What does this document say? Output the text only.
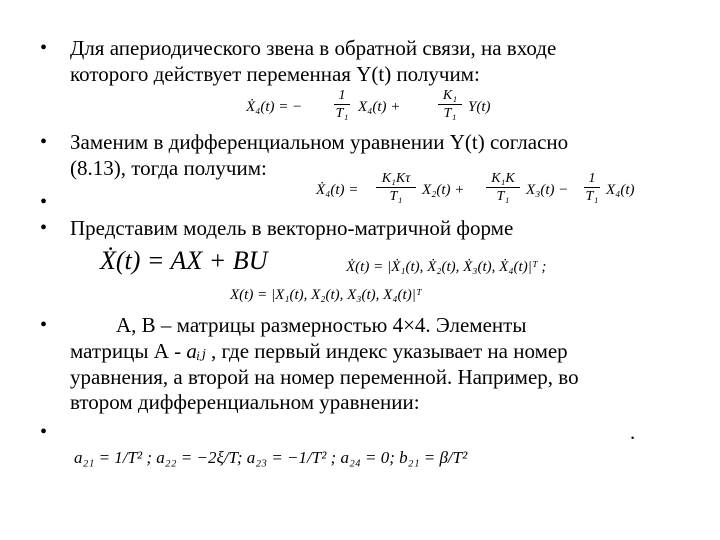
•
•
•
•
•
•
Для апериодического звена в обратной связи, на входе
которого действует переменная Y(t) получим:
Ẋ₄(t) = −
1
T₁ X₄(t) +
K₁
T₁ Y(t)
Заменим в дифференциальном уравнении Y(t) согласно
(8.13), тогда получим:
Ẋ₄(t) =
K₁Kτ
T₁ X₂(t) +
K₁K
T₁ X₃(t) −
1
T₁ X₄(t)
Представим модель в векторно-матричной форме
Ẋ(t) = AX + BU	Ẋ(t) = |Ẋ₁(t), Ẋ₂(t), Ẋ₃(t), Ẋ₄(t)|ᵀ ;
X(t) = |X₁(t), X₂(t), X₃(t), X₄(t)|ᵀ
А, В – матрицы размерностью 4×4. Элементы
матрицы А - aᵢⱼ , где первый индекс указывает на номер
уравнения, а второй на номер переменной. Например, во
втором дифференциальном уравнении:
.
a₂₁ = 1/T² ; a₂₂ = −2ξ/T; a₂₃ = −1/T² ; a₂₄ = 0; b₂₁ = β/T²
